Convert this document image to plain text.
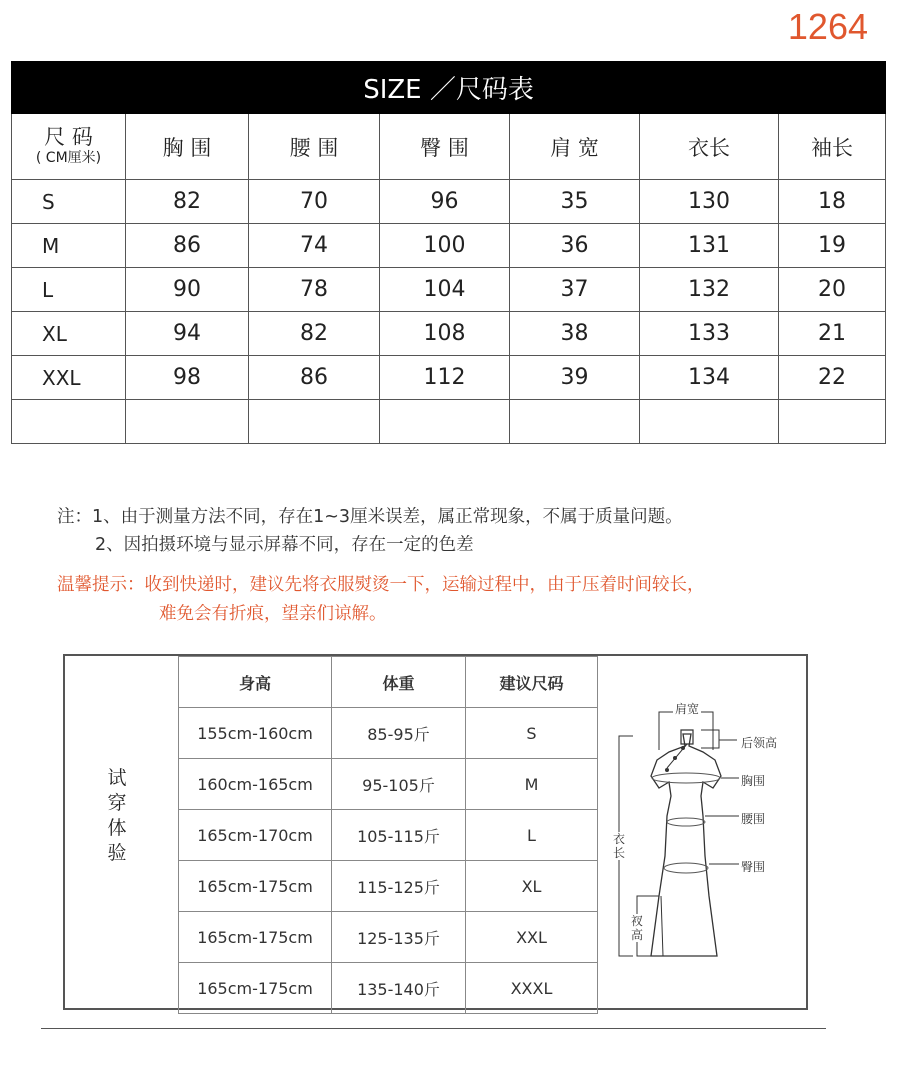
1264
SIZE ／尺码表						
尺 码
( CM厘米)	胸 围	腰 围	臀 围	肩 宽	衣长	袖长
S	82	70	96	35	130	18
M	86	74	100	36	131	19
L	90	78	104	37	132	20
XL	94	82	108	38	133	21
XXL	98	86	112	39	134	22

注：1、由于测量方法不同，存在1~3厘米误差，属正常现象，不属于质量问题。
2、因拍摄环境与显示屏幕不同，存在一定的色差
温馨提示：收到快递时，建议先将衣服熨烫一下，运输过程中，由于压着时间较长，
难免会有折痕，望亲们谅解。
试穿体验
身高	体重	建议尺码
155cm-160cm	85-95斤	S
160cm-165cm	95-105斤	M
165cm-170cm	105-115斤	L
165cm-175cm	115-125斤	XL
165cm-175cm	125-135斤	XXL
165cm-175cm	135-140斤	XXXL
肩宽
后领高
胸围
腰围
臀围
衣长
衩高
